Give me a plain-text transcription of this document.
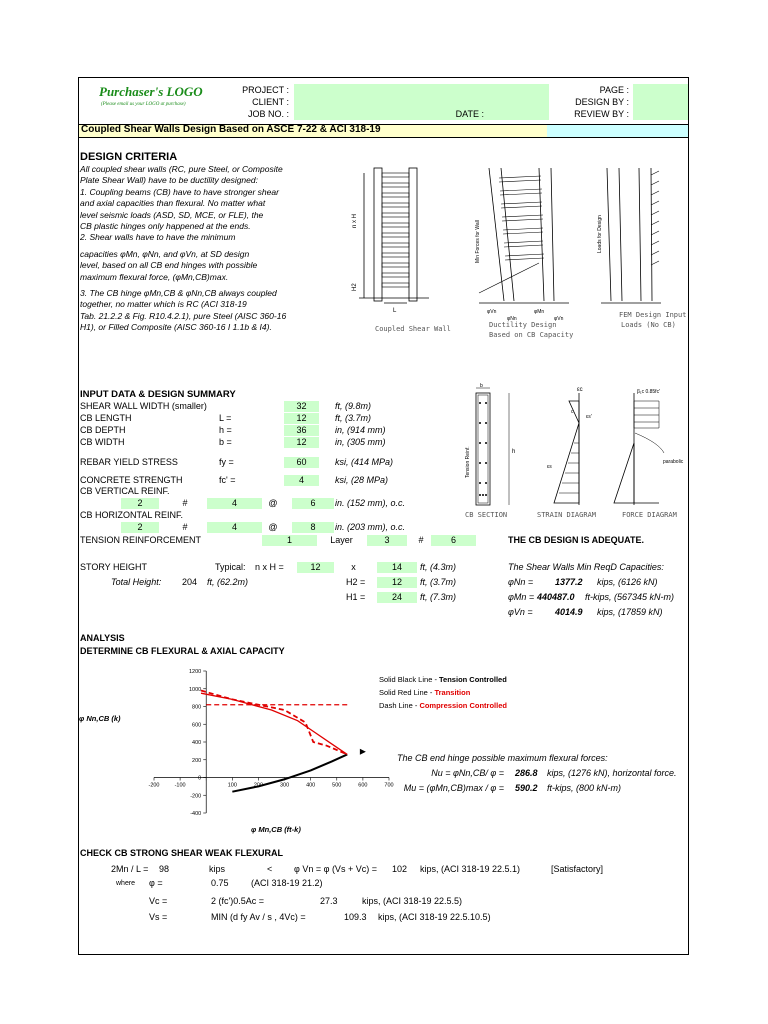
Purchaser's LOGO
(Please email us your LOGO at purchase)
PROJECT :
CLIENT :
JOB NO. :	DATE :
PAGE :
DESIGN BY :
REVIEW BY :
Coupled Shear Walls Design Based on ASCE 7-22 & ACI 318-19
DESIGN CRITERIA
All coupled shear walls (RC, pure Steel, or Composite
Plate Shear Wall) have to be ductility designed:
1. Coupling beams (CB) have to have stronger shear
and axial capacities than flexural. No matter what
level seismic loads (ASD, SD, MCE, or FLE), the
CB plastic hinges only happened at the ends.
2. Shear walls have to have the minimum
capacities φMn, φNn, and φVn, at SD design
level, based on all CB end hinges with possible
maximum flexural force, (φMn,CB)max.
3. The CB hinge φMn,CB & φNn,CB always coupled
together, no matter which is RC (ACI 318-19
Tab. 21.2.2 & Fig. R10.4.2.1), pure Steel (AISC 360-16
H1), or Filled Composite (AISC 360-16 I 1.1b & I4).
n x H
H2
L
Min Forces for Wall
φVn	φMn
φNn	φVn
Loads for Design
Coupled Shear Wall	Ductility Design
Based on CB Capacity
FEM Design Input
Loads (No CB)
INPUT DATA & DESIGN SUMMARY
SHEAR WALL WIDTH (smaller)	32	ft, (9.8m)
CB LENGTH	L =	12	ft, (3.7m)
CB DEPTH	h =	36	in, (914 mm)
CB WIDTH	b =	12	in, (305 mm)
REBAR YIELD STRESS	fy =	60	ksi, (414 MPa)
CONCRETE STRENGTH	fc' =	4	ksi, (28 MPa)
CB VERTICAL REINF.
2	#	4	@	6	in. (152 mm), o.c.
CB HORIZONTAL REINF.
2	#	4	@	8	in. (203 mm), o.c.
TENSION REINFORCEMENT	1	Layer	3	#	6	THE CB DESIGN IS ADEQUATE.
STORY HEIGHT	Typical: n x H =	12	x	14	ft, (4.3m)
Total Height: 204 ft, (62.2m)	H2 =	12	ft, (3.7m)
H1 =	24	ft, (7.3m)
The Shear Walls Min ReqD Capacities:
φNn = 1377.2 kips, (6126 kN)
φMn = 440487.0 ft-kips, (567345 kN-m)
φVn = 4014.9 kips, (17859 kN)
b
Tension Reinf.	h
εc
εs'
εs
c
β₁c 0.85fc'
parabolic
CB SECTION	STRAIN DIAGRAM	FORCE DIAGRAM
ANALYSIS
DETERMINE CB FLEXURAL & AXIAL CAPACITY
-400
-200
0
200
400
600
800
1000
1200
-200	-100	100	200	300	400	500	600	700
φ Nn,CB (k)
φ Mn,CB (ft-k)
Solid Black Line - Tension Controlled
Solid Red Line - Transition
Dash Line - Compression Controlled
The CB end hinge possible maximum flexural forces:
Nu = φNn,CB/ φ = 286.8 kips, (1276 kN), horizontal force.
Mu = (φMn,CB)max / φ = 590.2 ft-kips, (800 kN-m)
CHECK CB STRONG SHEAR WEAK FLEXURAL
2Mn / L = 98	kips	< φ Vn = φ (Vs + Vc) = 102 kips, (ACI 318-19 22.5.1)	[Satisfactory]
where φ =	0.75 (ACI 318-19 21.2)
Vc =	2 (fc')0.5Ac =	27.3	kips, (ACI 318-19 22.5.5)
Vs =	MIN (d fy Av / s , 4Vc) =	109.3 kips, (ACI 318-19 22.5.10.5)
